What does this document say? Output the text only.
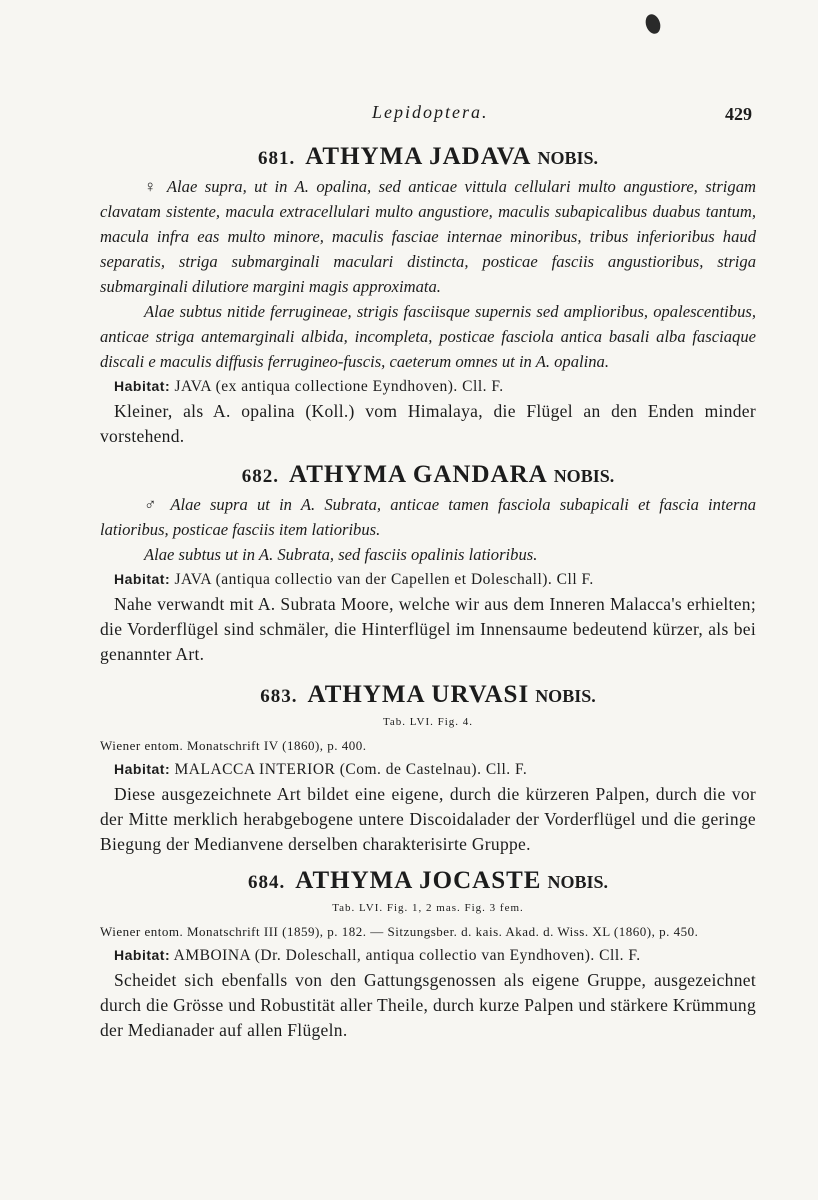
Lepidoptera.	429
681. ATHYMA JADAVA NOBIS.

♀ Alae supra, ut in A. opalina, sed anticae vittula cellulari multo angustiore, strigam clavatam sistente, macula extracellulari multo angustiore, maculis subapicalibus duabus tantum, macula infra eas multo minore, maculis fasciae internae minoribus, tribus inferioribus haud separatis, striga submarginali maculari distincta, posticae fasciis angustioribus, striga submarginali dilutiore margini magis approximata.

Alae subtus nitide ferrugineae, strigis fasciisque supernis sed amplioribus, opalescentibus, anticae striga antemarginali albida, incompleta, posticae fasciola antica basali alba fasciaque discali e maculis diffusis ferrugineo-fuscis, caeterum omnes ut in A. opalina.

Habitat: JAVA (ex antiqua collectione Eyndhoven). Cll. F.

Kleiner, als A. opalina (Koll.) vom Himalaya, die Flügel an den Enden minder vorstehend.

682. ATHYMA GANDARA NOBIS.

♂ Alae supra ut in A. Subrata, anticae tamen fasciola subapicali et fascia interna latioribus, posticae fasciis item latioribus.

Alae subtus ut in A. Subrata, sed fasciis opalinis latioribus.

Habitat: JAVA (antiqua collectio van der Capellen et Doleschall). Cll F.

Nahe verwandt mit A. Subrata Moore, welche wir aus dem Inneren Malacca's erhielten; die Vorderflügel sind schmäler, die Hinterflügel im Innensaume bedeutend kürzer, als bei genannter Art.

683. ATHYMA URVASI NOBIS.
Tab. LVI. Fig. 4.

Wiener entom. Monatschrift IV (1860), p. 400.

Habitat: MALACCA INTERIOR (Com. de Castelnau). Cll. F.

Diese ausgezeichnete Art bildet eine eigene, durch die kürzeren Palpen, durch die vor der Mitte merklich herabgebogene untere Discoidalader der Vorderflügel und die geringe Biegung der Medianvene derselben charakterisirte Gruppe.

684. ATHYMA JOCASTE NOBIS.
Tab. LVI. Fig. 1, 2 mas. Fig. 3 fem.

Wiener entom. Monatschrift III (1859), p. 182. — Sitzungsber. d. kais. Akad. d. Wiss. XL (1860), p. 450.

Habitat: AMBOINA (Dr. Doleschall, antiqua collectio van Eyndhoven). Cll. F.

Scheidet sich ebenfalls von den Gattungsgenossen als eigene Gruppe, ausgezeichnet durch die Grösse und Robustität aller Theile, durch kurze Palpen und stärkere Krümmung der Medianader auf allen Flügeln.
